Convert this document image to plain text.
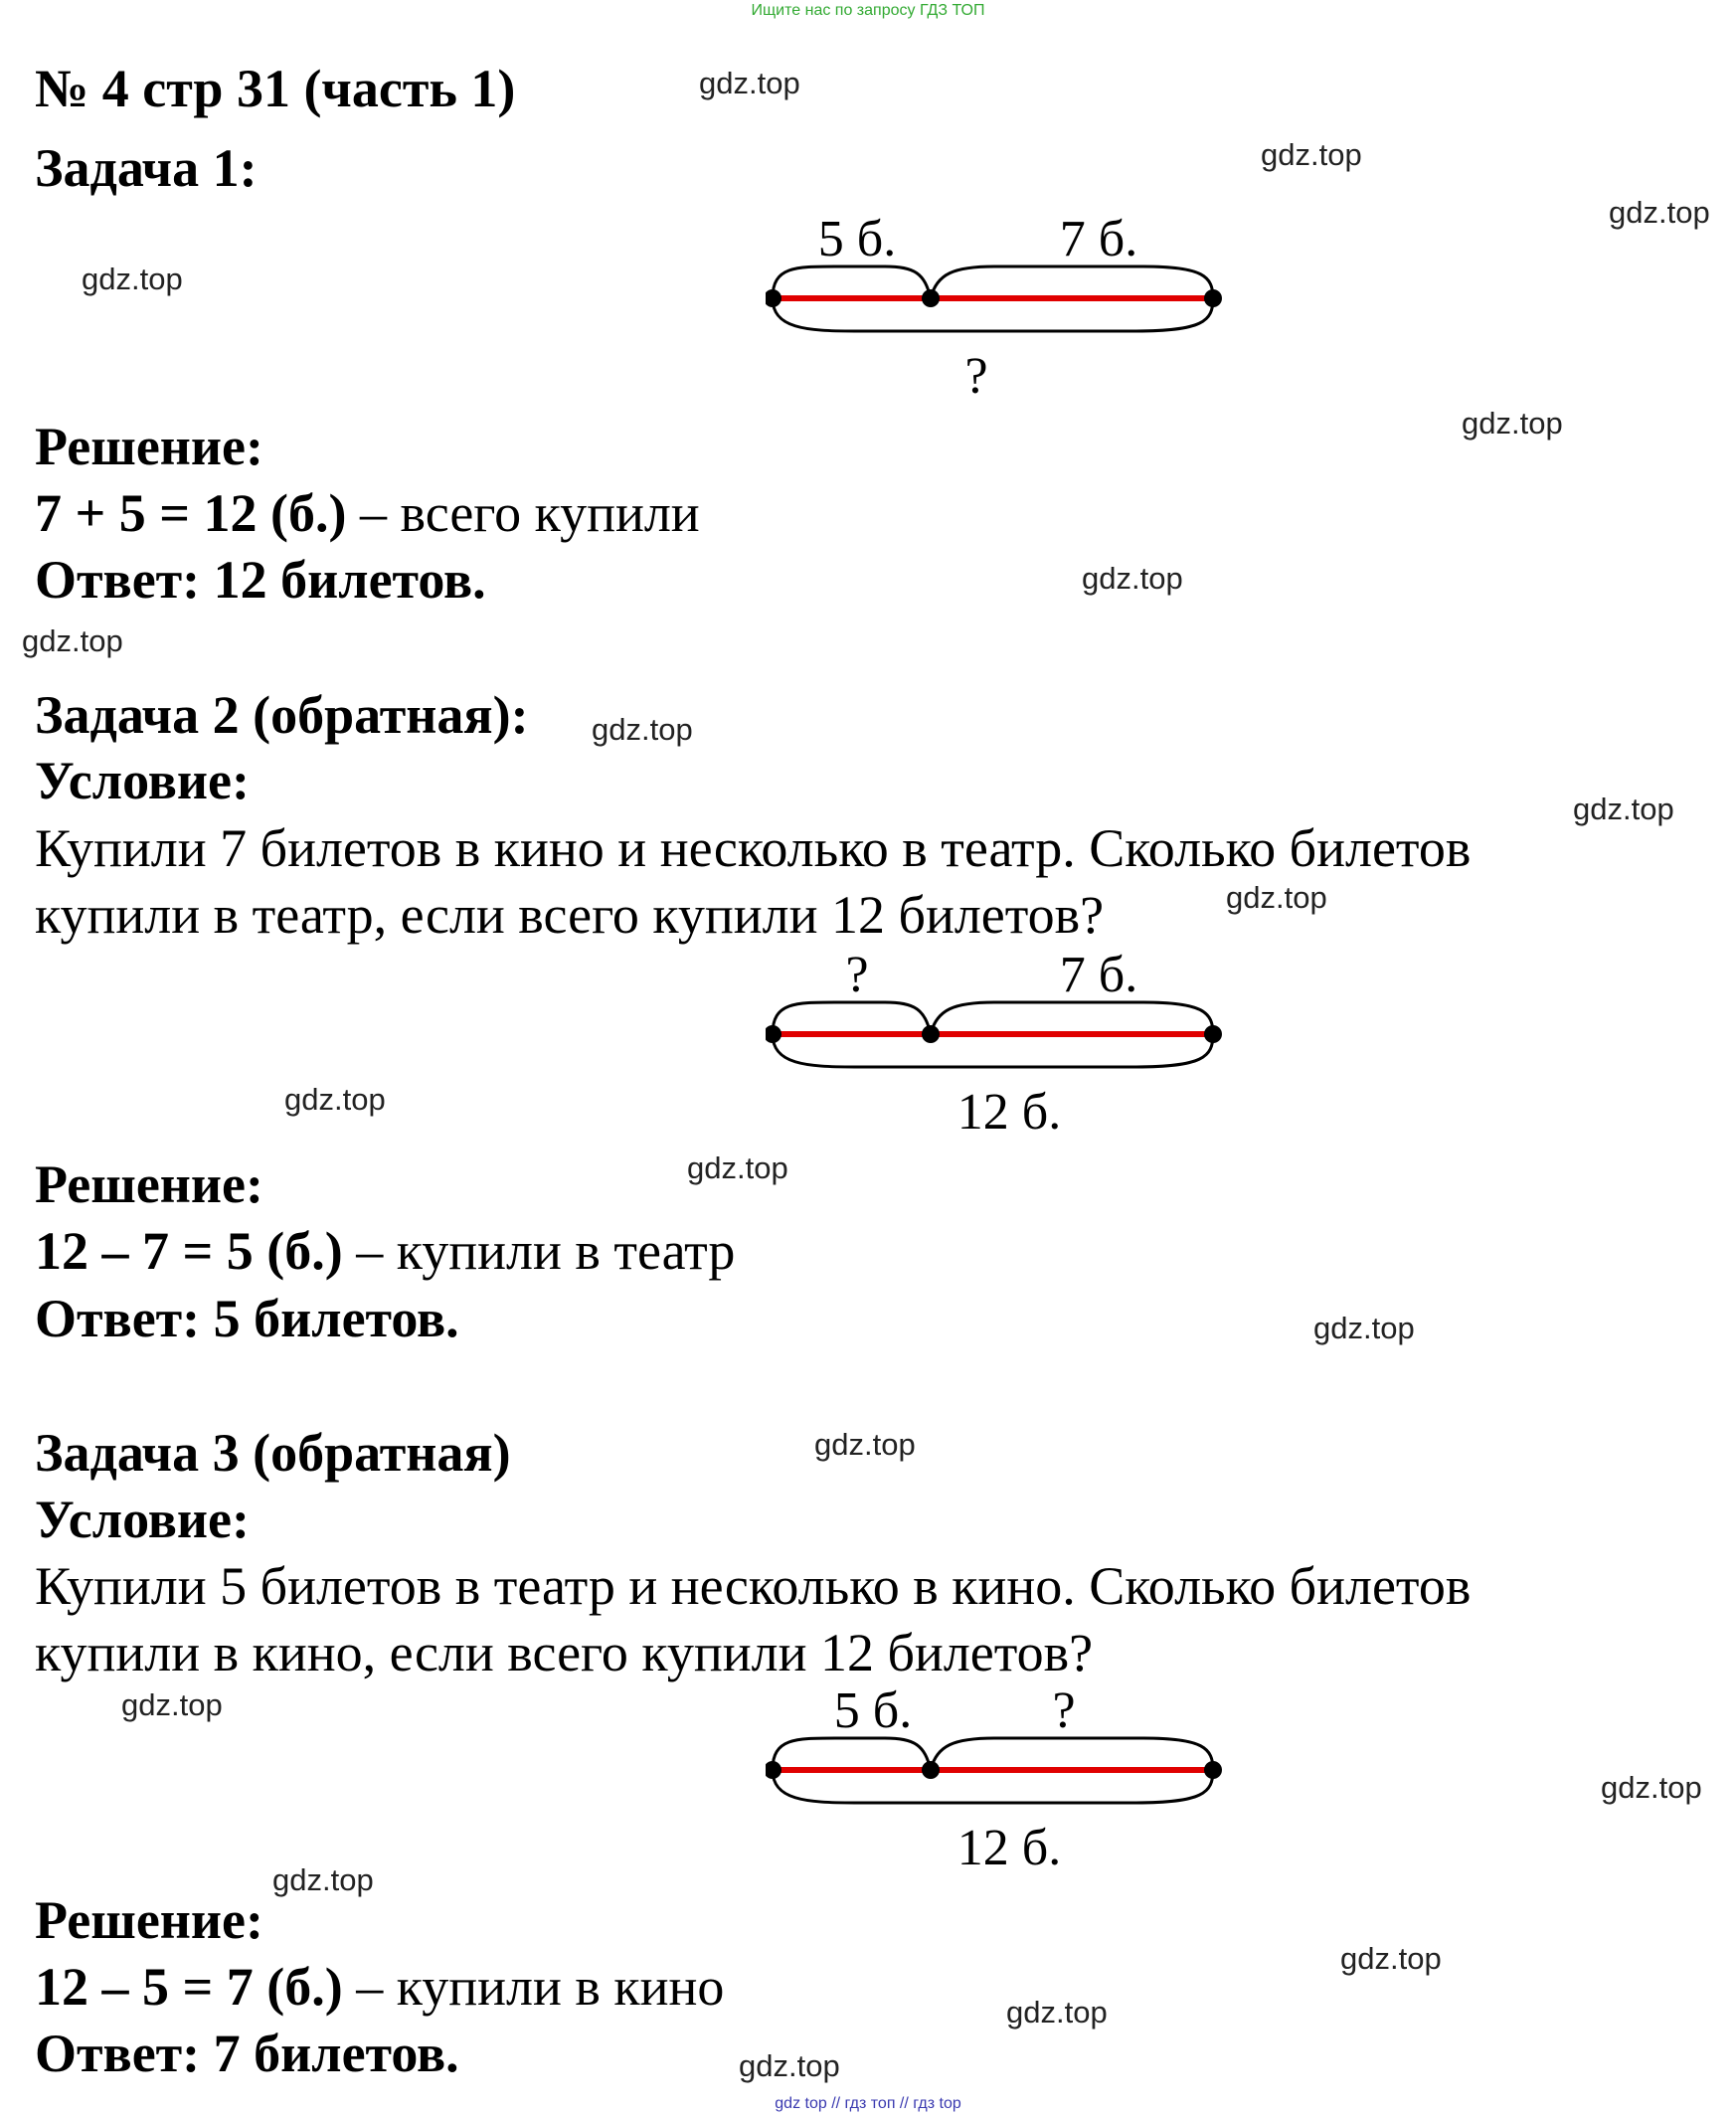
Ищите нас по запросу ГДЗ ТОП
№ 4 стр 31 (часть 1)
Задача 1:
5 б.	7 б.
?
Решение:
7 + 5 = 12 (б.) – всего купили
Ответ: 12 билетов.
Задача 2 (обратная):
Условие:
Купили 7 билетов в кино и несколько в театр. Сколько билетов
купили в театр, если всего купили 12 билетов?
?	7 б.
12 б.
Решение:
12 – 7 = 5 (б.) – купили в театр
Ответ: 5 билетов.
Задача 3 (обратная)
Условие:
Купили 5 билетов в театр и несколько в кино. Сколько билетов
купили в кино, если всего купили 12 билетов?
5 б.	?
12 б.
Решение:
12 – 5 = 7 (б.) – купили в кино
Ответ: 7 билетов.
gdz.top
gdz.top
gdz.top
gdz.top
gdz.top
gdz.top
gdz.top
gdz.top
gdz.top
gdz.top
gdz.top
gdz.top
gdz.top
gdz.top
gdz.top
gdz.top
gdz.top
gdz.top
gdz.top
gdz.top
gdz top // гдз топ // гдз top
